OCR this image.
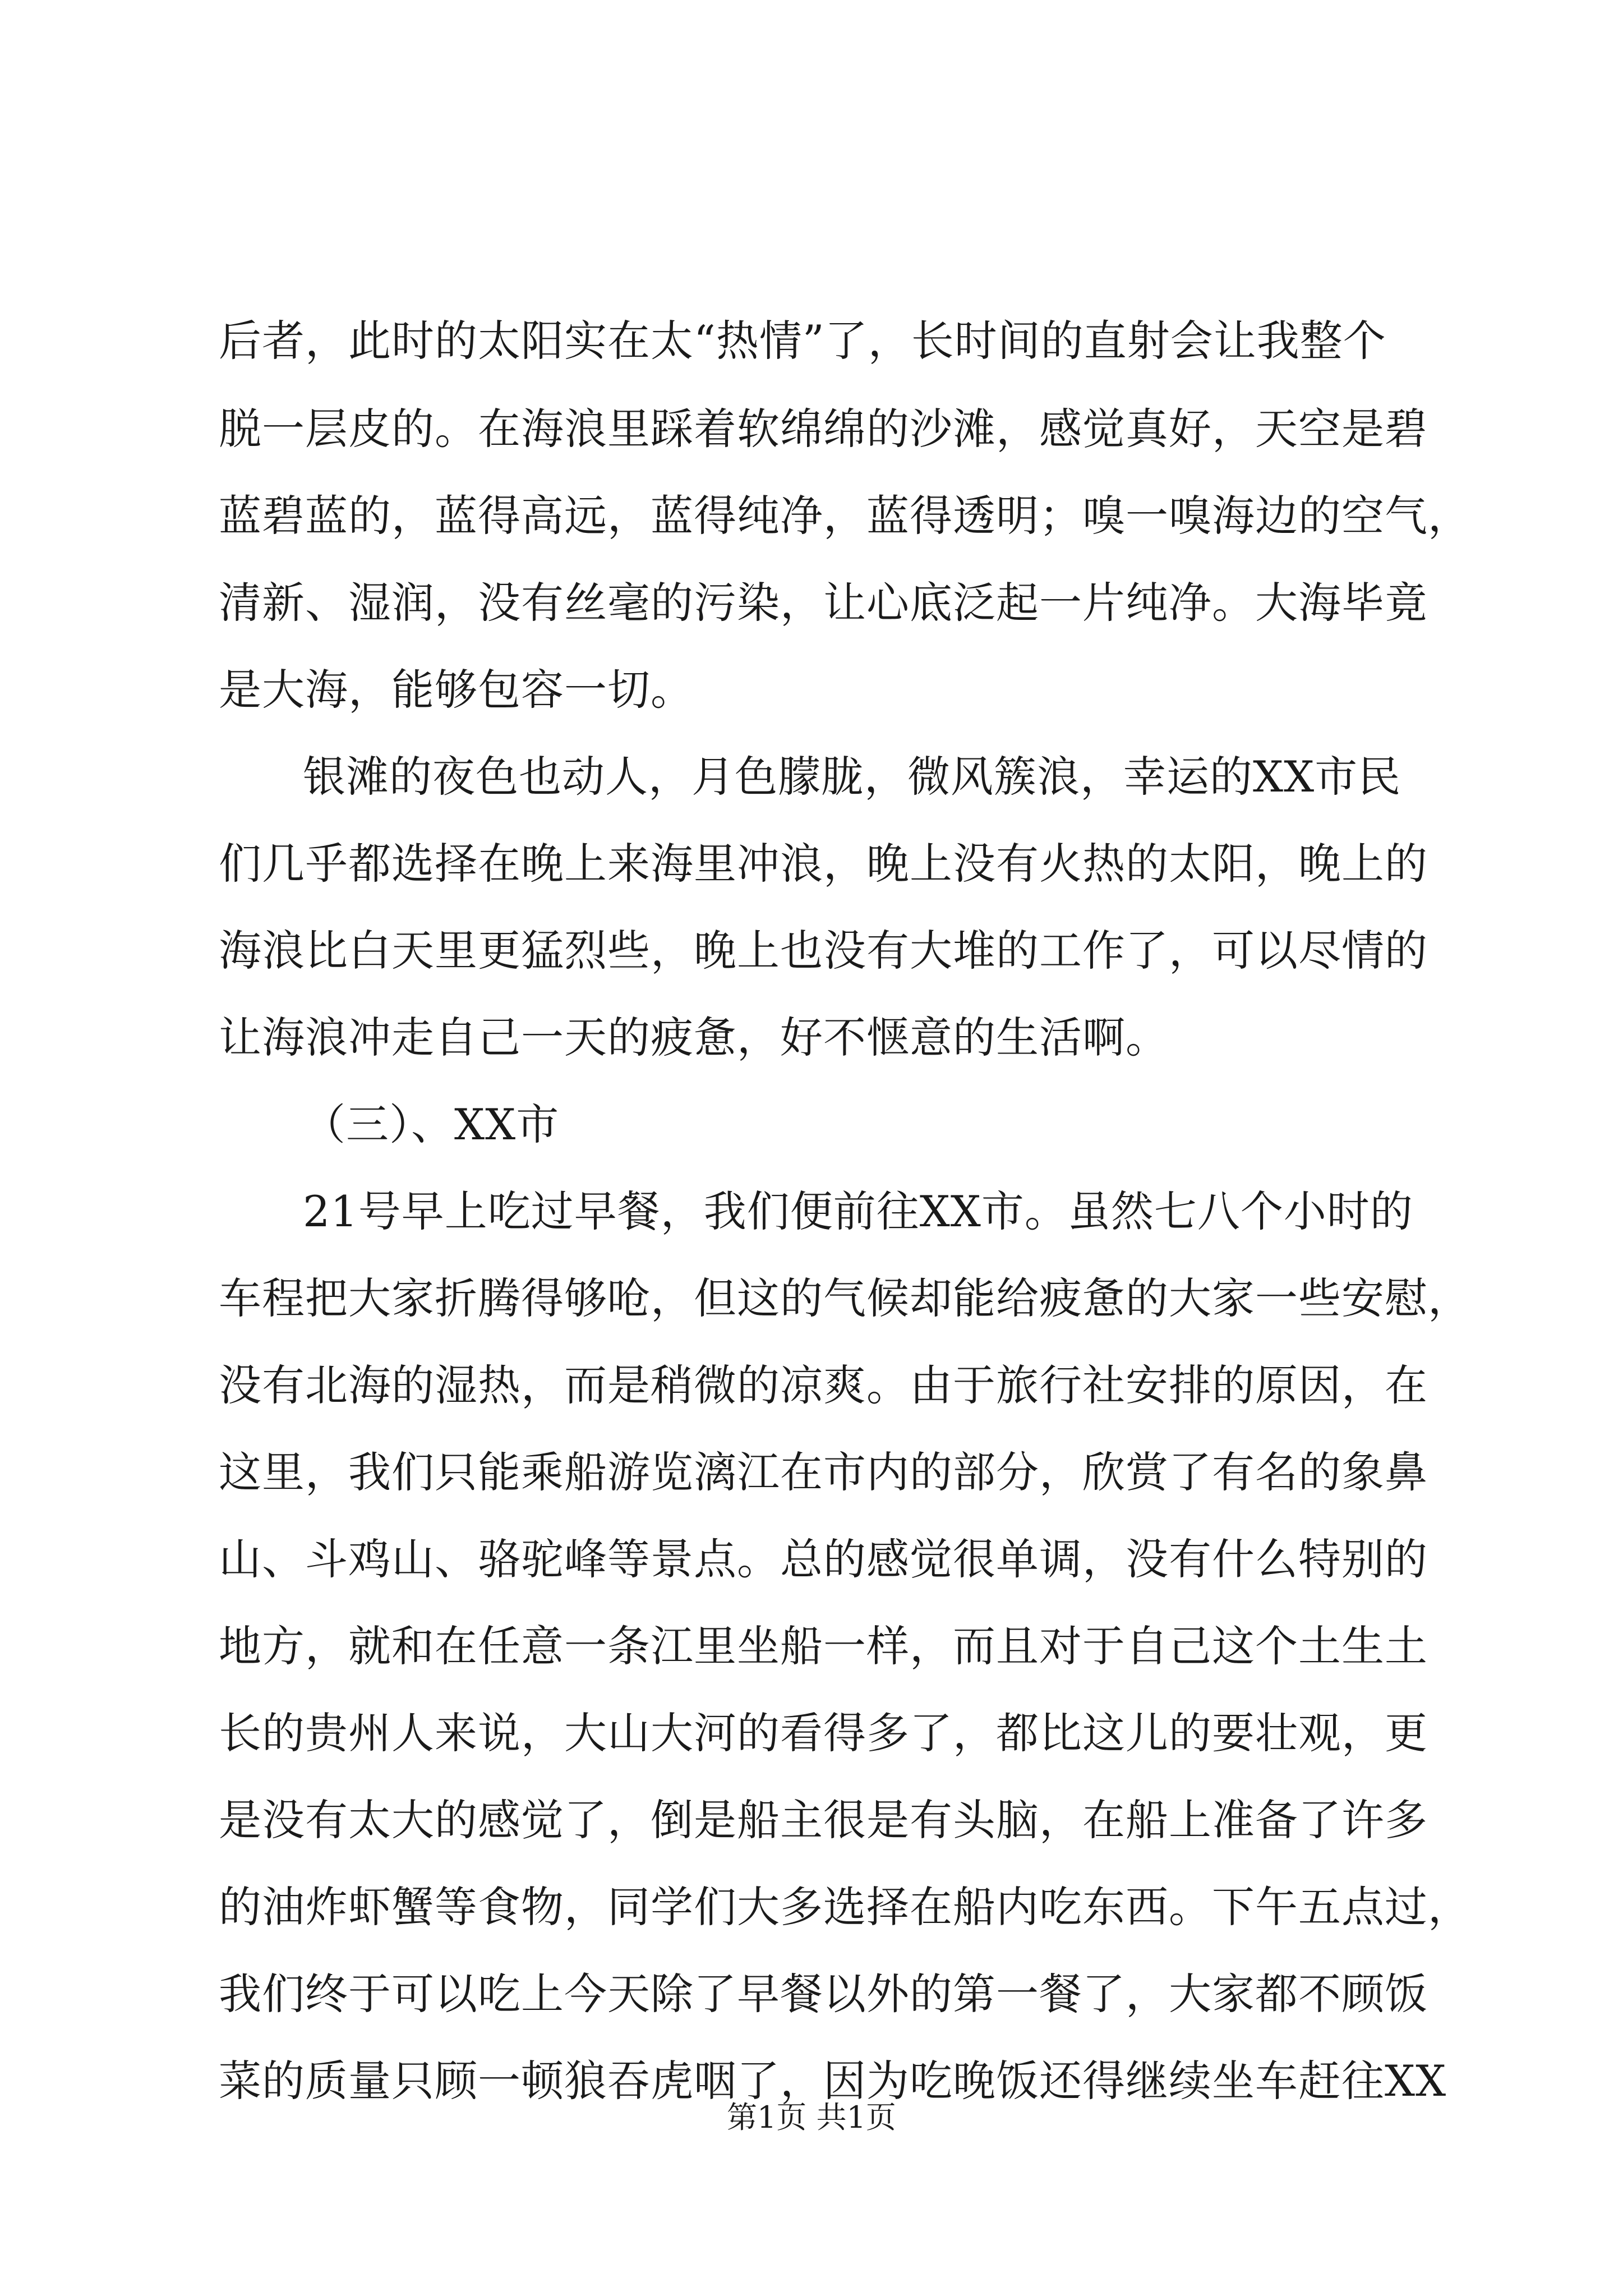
后者，此时的太阳实在太“热情”了，长时间的直射会让我整个
脱一层皮的。在海浪里踩着软绵绵的沙滩，感觉真好，天空是碧
蓝碧蓝的，蓝得高远，蓝得纯净，蓝得透明；嗅一嗅海边的空气，
清新、湿润，没有丝毫的污染，让心底泛起一片纯净。大海毕竟
是大海，能够包容一切。
银滩的夜色也动人，月色朦胧，微风簇浪，幸运的XX市民
们几乎都选择在晚上来海里冲浪，晚上没有火热的太阳，晚上的
海浪比白天里更猛烈些，晚上也没有大堆的工作了，可以尽情的
让海浪冲走自己一天的疲惫，好不惬意的生活啊。
（三）、XX市
21号早上吃过早餐，我们便前往XX市。虽然七八个小时的
车程把大家折腾得够呛，但这的气候却能给疲惫的大家一些安慰，
没有北海的湿热，而是稍微的凉爽。由于旅行社安排的原因，在
这里，我们只能乘船游览漓江在市内的部分，欣赏了有名的象鼻
山、斗鸡山、骆驼峰等景点。总的感觉很单调，没有什么特别的
地方，就和在任意一条江里坐船一样，而且对于自己这个土生土
长的贵州人来说，大山大河的看得多了，都比这儿的要壮观，更
是没有太大的感觉了，倒是船主很是有头脑，在船上准备了许多
的油炸虾蟹等食物，同学们大多选择在船内吃东西。下午五点过，
我们终于可以吃上今天除了早餐以外的第一餐了，大家都不顾饭
菜的质量只顾一顿狼吞虎咽了，因为吃晚饭还得继续坐车赶往XX
第1页 共1页
